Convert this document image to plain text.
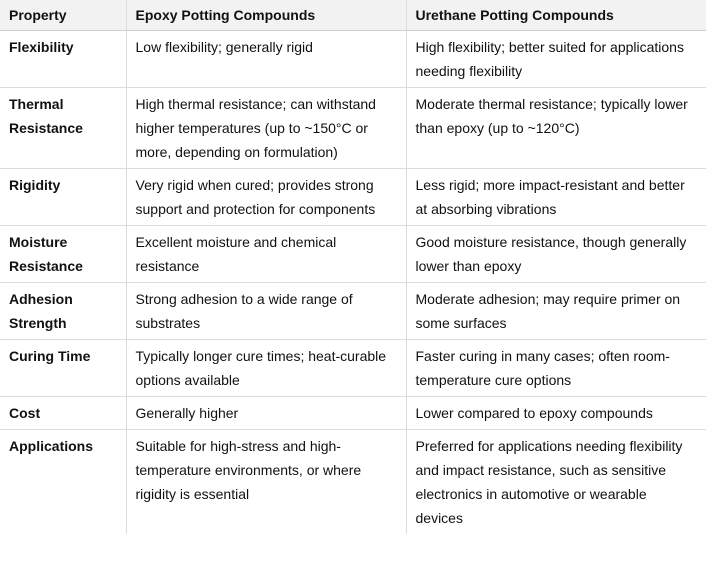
Property	Epoxy Potting Compounds	Urethane Potting Compounds
Flexibility	Low flexibility; generally rigid	High flexibility; better suited for applications needing flexibility
Thermal Resistance	High thermal resistance; can withstand higher temperatures (up to ~150°C or more, depending on formulation)	Moderate thermal resistance; typically lower than epoxy (up to ~120°C)
Rigidity	Very rigid when cured; provides strong support and protection for components	Less rigid; more impact-resistant and better at absorbing vibrations
Moisture Resistance	Excellent moisture and chemical resistance	Good moisture resistance, though generally lower than epoxy
Adhesion Strength	Strong adhesion to a wide range of substrates	Moderate adhesion; may require primer on some surfaces
Curing Time	Typically longer cure times; heat-curable options available	Faster curing in many cases; often room-temperature cure options
Cost	Generally higher	Lower compared to epoxy compounds
Applications	Suitable for high-stress and high-temperature environments, or where rigidity is essential	Preferred for applications needing flexibility and impact resistance, such as sensitive electronics in automotive or wearable devices
